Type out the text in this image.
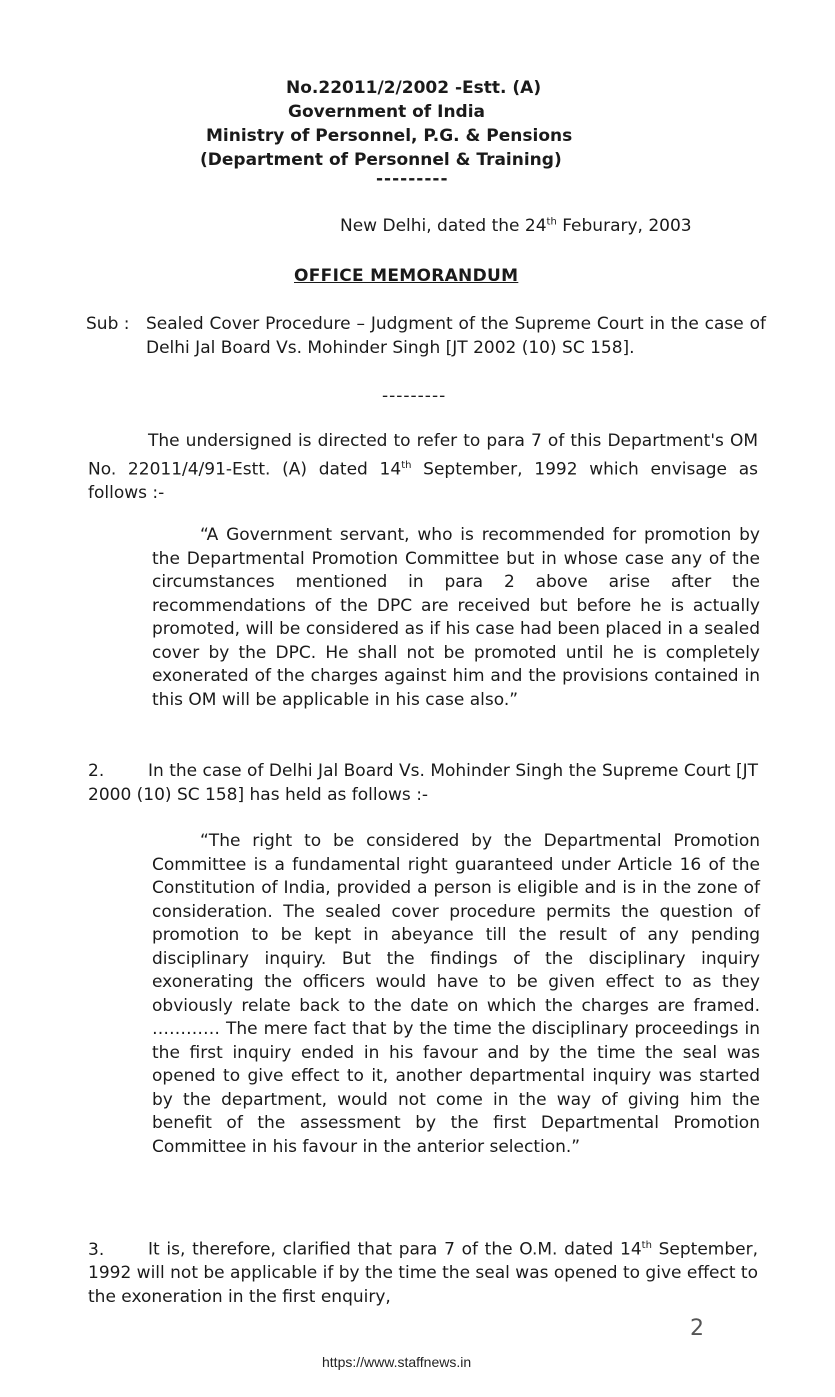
No.22011/2/2002 -Estt. (A)
Government of India
Ministry of Personnel, P.G. & Pensions
(Department of Personnel & Training)
---------
New Delhi, dated the 24th Feburary, 2003
OFFICE MEMORANDUM
Sub : Sealed Cover Procedure – Judgment of the Supreme Court in the case of Delhi Jal Board Vs. Mohinder Singh [JT 2002 (10) SC 158].
---------
The undersigned is directed to refer to para 7 of this Department's OM No. 22011/4/91-Estt. (A) dated 14th September, 1992 which envisage as follows :-
“A Government servant, who is recommended for promotion by the Departmental Promotion Committee but in whose case any of the circumstances mentioned in para 2 above arise after the recommendations of the DPC are received but before he is actually promoted, will be considered as if his case had been placed in a sealed cover by the DPC. He shall not be promoted until he is completely exonerated of the charges against him and the provisions contained in this OM will be applicable in his case also.”
2.	In the case of Delhi Jal Board Vs. Mohinder Singh the Supreme Court [JT 2000 (10) SC 158] has held as follows :-
“The right to be considered by the Departmental Promotion Committee is a fundamental right guaranteed under Article 16 of the Constitution of India, provided a person is eligible and is in the zone of consideration. The sealed cover procedure permits the question of promotion to be kept in abeyance till the result of any pending disciplinary inquiry. But the findings of the disciplinary inquiry exonerating the officers would have to be given effect to as they obviously relate back to the date on which the charges are framed. ………… The mere fact that by the time the disciplinary proceedings in the first inquiry ended in his favour and by the time the seal was opened to give effect to it, another departmental inquiry was started by the department, would not come in the way of giving him the benefit of the assessment by the first Departmental Promotion Committee in his favour in the anterior selection.”
3.	It is, therefore, clarified that para 7 of the O.M. dated 14th September, 1992 will not be applicable if by the time the seal was opened to give effect to the exoneration in the first enquiry,
2
https://www.staffnews.in
